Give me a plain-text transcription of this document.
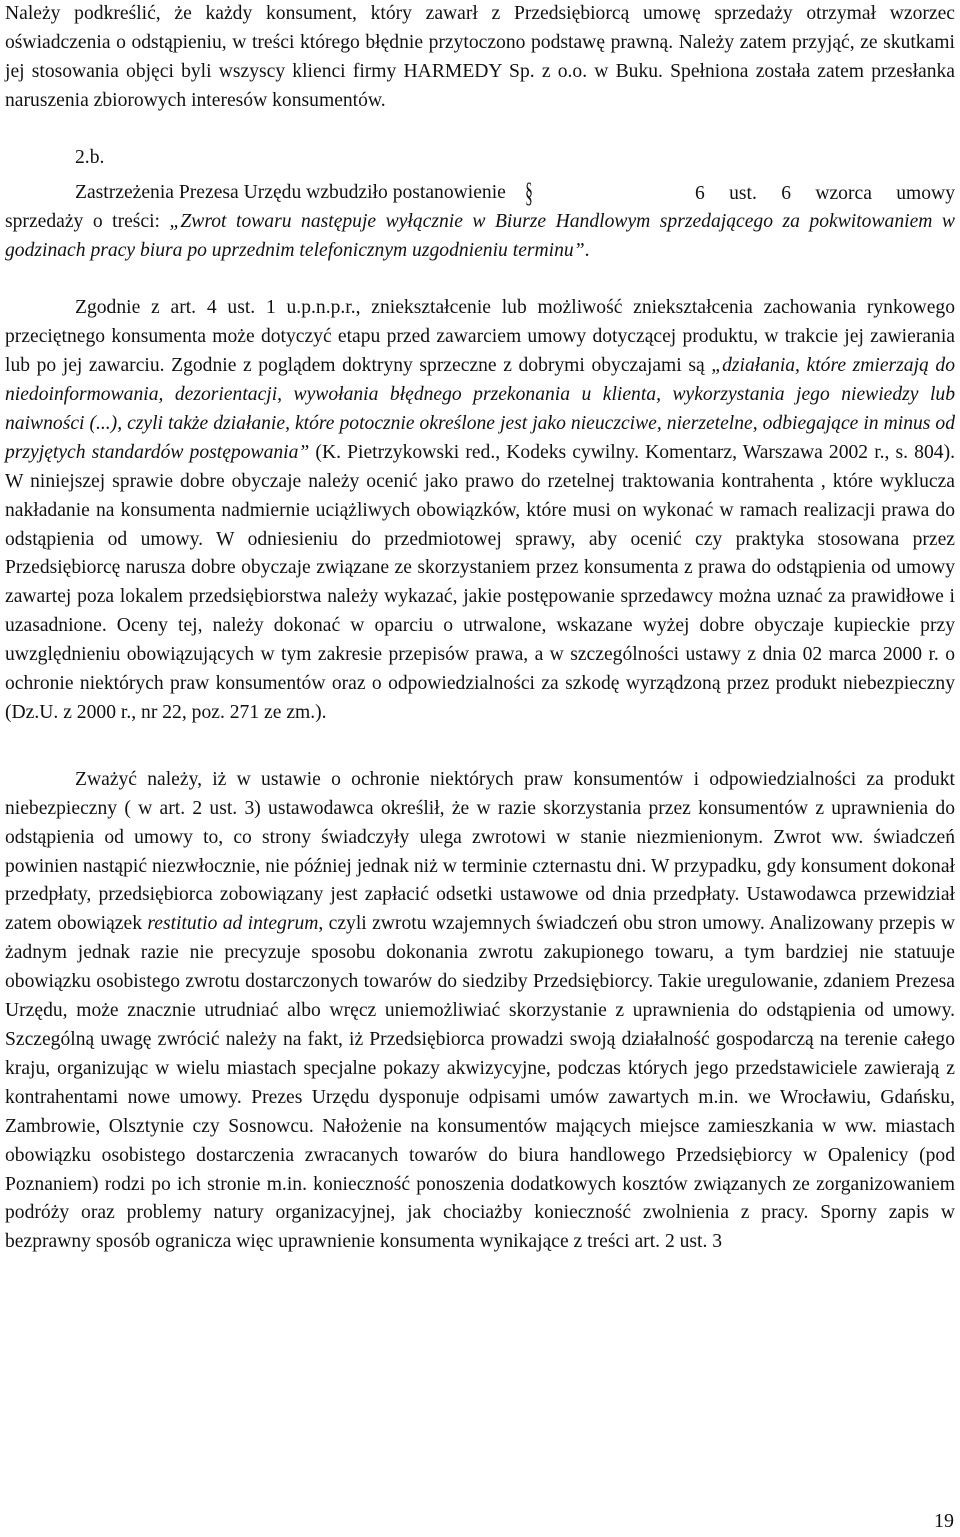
Należy podkreślić, że każdy konsument, który zawarł z Przedsiębiorcą umowę sprzedaży otrzymał wzorzec oświadczenia o odstąpieniu, w treści którego błędnie przytoczono podstawę prawną. Należy zatem przyjąć, ze skutkami jej stosowania objęci byli wszyscy klienci firmy HARMEDY Sp. z o.o. w Buku. Spełniona została zatem przesłanka naruszenia zbiorowych interesów konsumentów.

2.b.

Zastrzeżenia Prezesa Urzędu wzbudziło postanowienie §	6 ust. 6 wzorca umowy sprzedaży o treści: „Zwrot towaru następuje wyłącznie w Biurze Handlowym sprzedającego za pokwitowaniem w godzinach pracy biura po uprzednim telefonicznym uzgodnieniu terminu”.

Zgodnie z art. 4 ust. 1 u.p.n.p.r., zniekształcenie lub możliwość zniekształcenia zachowania rynkowego przeciętnego konsumenta może dotyczyć etapu przed zawarciem umowy dotyczącej produktu, w trakcie jej zawierania lub po jej zawarciu. Zgodnie z poglądem doktryny sprzeczne z dobrymi obyczajami są „działania, które zmierzają do niedoinformowania, dezorientacji, wywołania błędnego przekonania u klienta, wykorzystania jego niewiedzy lub naiwności (...), czyli także działanie, które potocznie określone jest jako nieuczciwe, nierzetelne, odbiegające in minus od przyjętych standardów postępowania” (K. Pietrzykowski red., Kodeks cywilny. Komentarz, Warszawa 2002 r., s. 804). W niniejszej sprawie dobre obyczaje należy ocenić jako prawo do rzetelnej traktowania kontrahenta , które wyklucza nakładanie na konsumenta nadmiernie uciążliwych obowiązków, które musi on wykonać w ramach realizacji prawa do odstąpienia od umowy. W odniesieniu do przedmiotowej sprawy, aby ocenić czy praktyka stosowana przez Przedsiębiorcę narusza dobre obyczaje związane ze skorzystaniem przez konsumenta z prawa do odstąpienia od umowy zawartej poza lokalem przedsiębiorstwa należy wykazać, jakie postępowanie sprzedawcy można uznać za prawidłowe i uzasadnione. Oceny tej, należy dokonać w oparciu o utrwalone, wskazane wyżej dobre obyczaje kupieckie przy uwzględnieniu obowiązujących w tym zakresie przepisów prawa, a w szczególności ustawy z dnia 02 marca 2000 r. o ochronie niektórych praw konsumentów oraz o odpowiedzialności za szkodę wyrządzoną przez produkt niebezpieczny (Dz.U. z 2000 r., nr 22, poz. 271 ze zm.).

Zważyć należy, iż w ustawie o ochronie niektórych praw konsumentów i odpowiedzialności za produkt niebezpieczny ( w art. 2 ust. 3) ustawodawca określił, że w razie skorzystania przez konsumentów z uprawnienia do odstąpienia od umowy to, co strony świadczyły ulega zwrotowi w stanie niezmienionym. Zwrot ww. świadczeń powinien nastąpić niezwłocznie, nie później jednak niż w terminie czternastu dni. W przypadku, gdy konsument dokonał przedpłaty, przedsiębiorca zobowiązany jest zapłacić odsetki ustawowe od dnia przedpłaty. Ustawodawca przewidział zatem obowiązek restitutio ad integrum, czyli zwrotu wzajemnych świadczeń obu stron umowy. Analizowany przepis w żadnym jednak razie nie precyzuje sposobu dokonania zwrotu zakupionego towaru, a tym bardziej nie statuuje obowiązku osobistego zwrotu dostarczonych towarów do siedziby Przedsiębiorcy. Takie uregulowanie, zdaniem Prezesa Urzędu, może znacznie utrudniać albo wręcz uniemożliwiać skorzystanie z uprawnienia do odstąpienia od umowy. Szczególną uwagę zwrócić należy na fakt, iż Przedsiębiorca prowadzi swoją działalność gospodarczą na terenie całego kraju, organizując w wielu miastach specjalne pokazy akwizycyjne, podczas których jego przedstawiciele zawierają z kontrahentami nowe umowy. Prezes Urzędu dysponuje odpisami umów zawartych m.in. we Wrocławiu, Gdańsku, Zambrowie, Olsztynie czy Sosnowcu. Nałożenie na konsumentów mających miejsce zamieszkania w ww. miastach obowiązku osobistego dostarczenia zwracanych towarów do biura handlowego Przedsiębiorcy w Opalenicy (pod Poznaniem) rodzi po ich stronie m.in. konieczność ponoszenia dodatkowych kosztów związanych ze zorganizowaniem podróży oraz problemy natury organizacyjnej, jak chociażby konieczność zwolnienia z pracy. Sporny zapis w bezprawny sposób ogranicza więc uprawnienie konsumenta wynikające z treści art. 2 ust. 3

19
